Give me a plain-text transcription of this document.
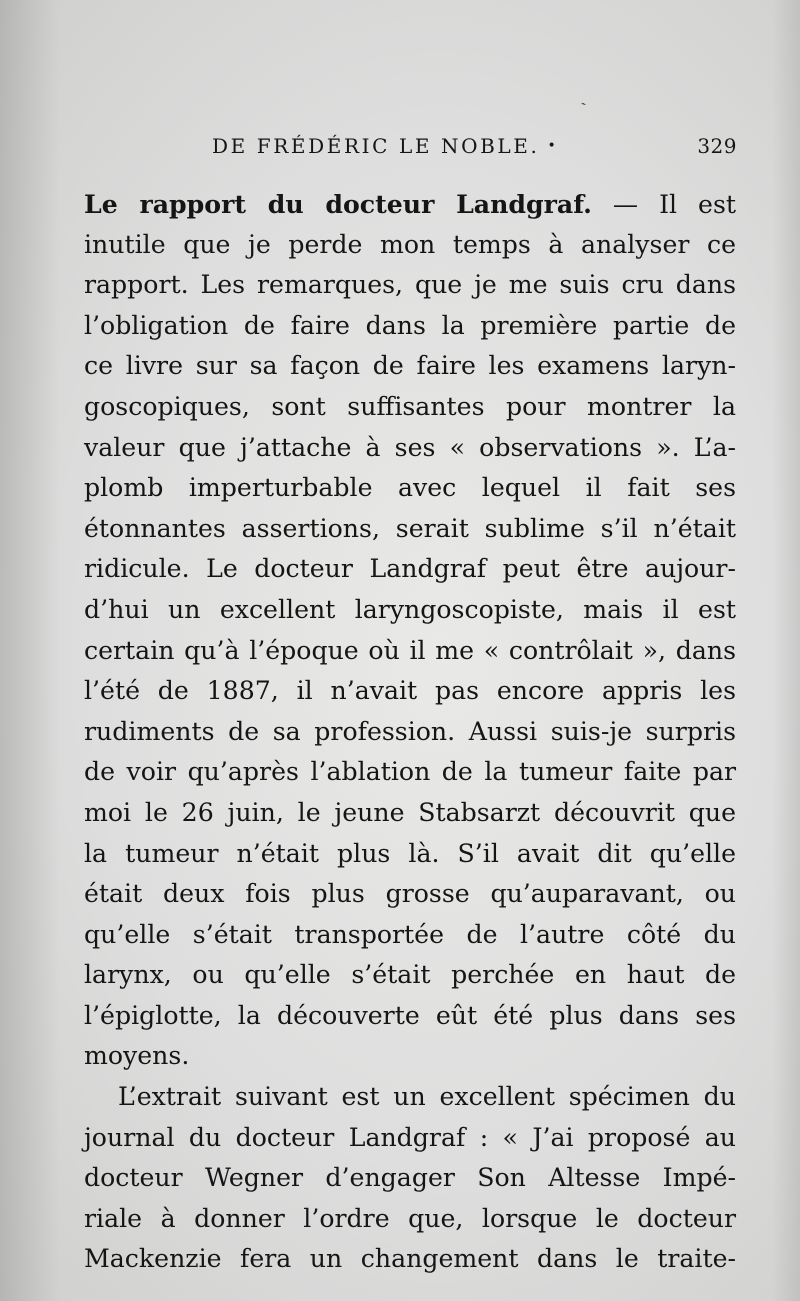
ˏ
DE FRÉDÉRIC LE NOBLE. •	329
Le rapport du docteur Landgraf. — Il est
inutile que je perde mon temps à analyser ce
rapport. Les remarques, que je me suis cru dans
l’obligation de faire dans la première partie de
ce livre sur sa façon de faire les examens laryn-
goscopiques, sont suffisantes pour montrer la
valeur que j’attache à ses « observations ». L’a-
plomb imperturbable avec lequel il fait ses
étonnantes assertions, serait sublime s’il n’était
ridicule. Le docteur Landgraf peut être aujour-
d’hui un excellent laryngoscopiste, mais il est
certain qu’à l’époque où il me « contrôlait », dans
l’été de 1887, il n’avait pas encore appris les
rudiments de sa profession. Aussi suis-je surpris
de voir qu’après l’ablation de la tumeur faite par
moi le 26 juin, le jeune Stabsarzt découvrit que
la tumeur n’était plus là. S’il avait dit qu’elle
était deux fois plus grosse qu’auparavant, ou
qu’elle s’était transportée de l’autre côté du
larynx, ou qu’elle s’était perchée en haut de
l’épiglotte, la découverte eût été plus dans ses
moyens.
L’extrait suivant est un excellent spécimen du
journal du docteur Landgraf : « J’ai proposé au
docteur Wegner d’engager Son Altesse Impé-
riale à donner l’ordre que, lorsque le docteur
Mackenzie fera un changement dans le traite-
